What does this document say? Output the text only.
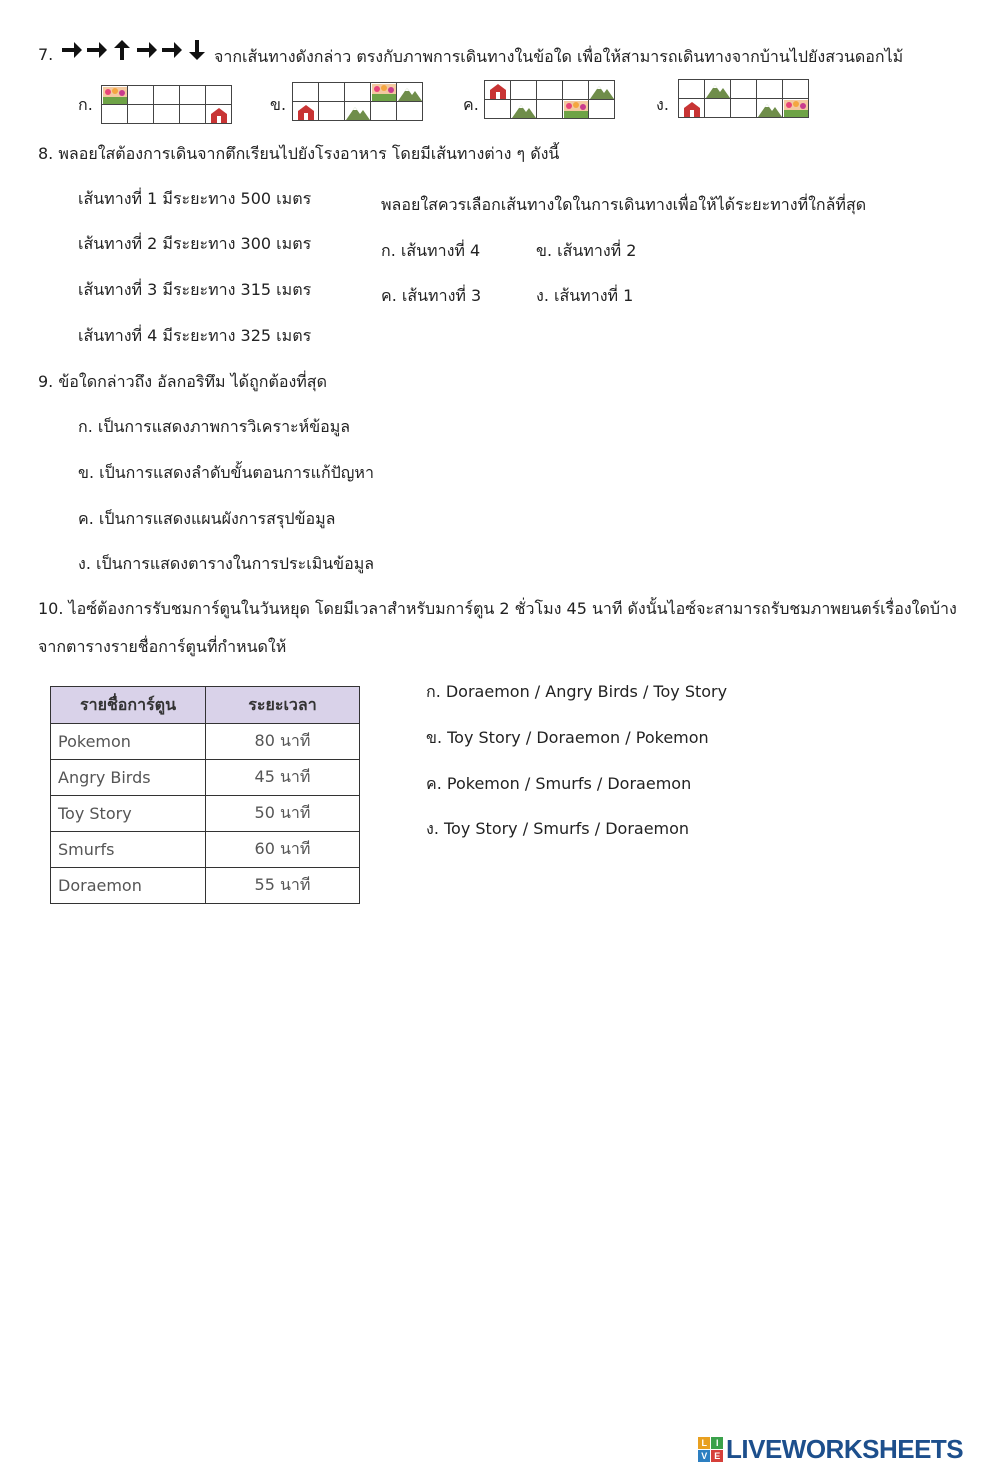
7.	จากเส้นทางดังกล่าว ตรงกับภาพการเดินทางในข้อใด เพื่อให้สามารถเดินทางจากบ้านไปยังสวนดอกไม้
ก.	ข.	ค.	ง.
8. พลอยใสต้องการเดินจากตึกเรียนไปยังโรงอาหาร โดยมีเส้นทางต่าง ๆ ดังนี้
เส้นทางที่ 1 มีระยะทาง 500 เมตร
เส้นทางที่ 2 มีระยะทาง 300 เมตร
เส้นทางที่ 3 มีระยะทาง 315 เมตร
เส้นทางที่ 4 มีระยะทาง 325 เมตร
พลอยใสควรเลือกเส้นทางใดในการเดินทางเพื่อให้ได้ระยะทางที่ใกล้ที่สุด
ก. เส้นทางที่ 4	ข. เส้นทางที่ 2
ค. เส้นทางที่ 3	ง. เส้นทางที่ 1
9. ข้อใดกล่าวถึง อัลกอริทึม ได้ถูกต้องที่สุด
ก. เป็นการแสดงภาพการวิเคราะห์ข้อมูล
ข. เป็นการแสดงลำดับขั้นตอนการแก้ปัญหา
ค. เป็นการแสดงแผนผังการสรุปข้อมูล
ง. เป็นการแสดงตารางในการประเมินข้อมูล
10. ไอซ์ต้องการรับชมการ์ตูนในวันหยุด โดยมีเวลาสำหรับมการ์ตูน 2 ชั่วโมง 45 นาที ดังนั้นไอซ์จะสามารถรับชมภาพยนตร์เรื่องใดบ้าง
จากตารางรายชื่อการ์ตูนที่กำหนดให้
รายชื่อการ์ตูน	ระยะเวลา
Pokemon	80 นาที
Angry Birds	45 นาที
Toy Story	50 นาที
Smurfs	60 นาที
Doraemon	55 นาที
ก. Doraemon / Angry Birds / Toy Story
ข. Toy Story / Doraemon / Pokemon
ค. Pokemon / Smurfs / Doraemon
ง. Toy Story / Smurfs / Doraemon
L	I
V E LIVEWORKSHEETS
